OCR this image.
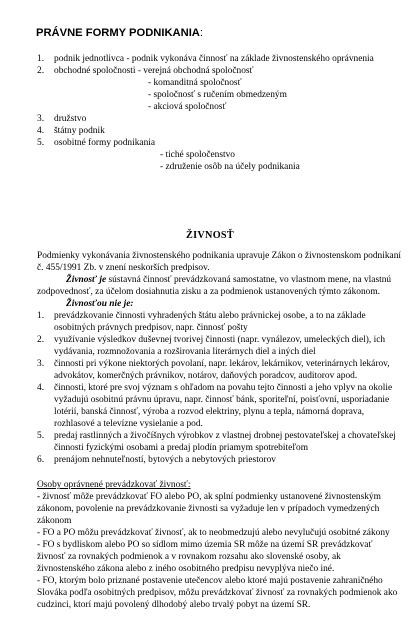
PRÁVNE FORMY PODNIKANIA:
1. podnik jednotlivca - podnik vykonáva činnosť na základe živnostenského oprávnenia
2. obchodné spoločnosti - verejná obchodná spoločnosť
- komanditná spoločnosť
- spoločnosť s ručením obmedzeným
- akciová spoločnosť
3. družstvo
4. štátny podnik
5. osobitné formy podnikania
- tiché spoločenstvo
- združenie osôb na účely podnikania
ŽIVNOSŤ
Podmienky vykonávania živnostenského podnikania upravuje Zákon o živnostenskom podnikaní
č. 455/1991 Zb. v znení neskorších predpisov.
Živnosť je sústavná činnosť prevádzkovaná samostatne, vo vlastnom mene, na vlastnú
zodpovednosť, za účelom dosiahnutia zisku a za podmienok ustanovených týmto zákonom.
Živnosťou nie je:
1. prevádzkovanie činnosti vyhradených štátu alebo právnickej osobe, a to na základe
osobitných právnych predpisov, napr. činnosť pošty
2. využívanie výsledkov duševnej tvorivej činnosti (napr. vynálezov, umeleckých diel), ich
vydávania, rozmnožovania a rozširovania literárnych diel a iných diel
3. činnosti pri výkone niektorých povolaní, napr. lekárov, lekárnikov, veterinárnych lekárov,
advokátov, komerčných právnikov, notárov, daňových poradcov, auditorov apod.
4. činnosti, ktoré pre svoj význam s ohľadom na povahu tejto činnosti a jeho vplyv na okolie
vyžadujú osobitnú právnu úpravu, napr. činnosť bánk, sporiteľní, poisťovní, usporiadanie
lotérií, banská činnosť, výroba a rozvod elektriny, plynu a tepla, námorná doprava,
rozhlasové a televízne vysielanie a pod.
5. predaj rastlinných a živočíšnych výrobkov z vlastnej drobnej pestovateľskej a chovateľskej
činnosti fyzickými osobami a predaj plodín priamym spotrebiteľom
6. prenájom nehnuteľností, bytových a nebytových priestorov
Osoby oprávnené prevádzkovať živnosť:
- živnosť môže prevádzkovať FO alebo PO, ak splní podmienky ustanovené živnostenským
zákonom, povolenie na prevádzkovanie živnosti sa vyžaduje len v prípadoch vymedzených
zákonom
- FO a PO môžu prevádzkovať živnosť, ak to neobmedzujú alebo nevylučujú osobitné zákony
- FO s bydliskom alebo PO so sídlom mimo územia SR môže na území SR prevádzkovať
živnosť za rovnakých podmienok a v rovnakom rozsahu ako slovenské osoby, ak
živnostenského zákona alebo z iného osobitného predpisu nevyplýva niečo iné.
- FO, ktorým bolo priznané postavenie utečencov alebo ktoré majú postavenie zahraničného
Slováka podľa osobitných predpisov, môžu prevádzkovať živnosť za rovnakých podmienok ako
cudzinci, ktorí majú povolený dlhodobý alebo trvalý pobyt na území SR.
